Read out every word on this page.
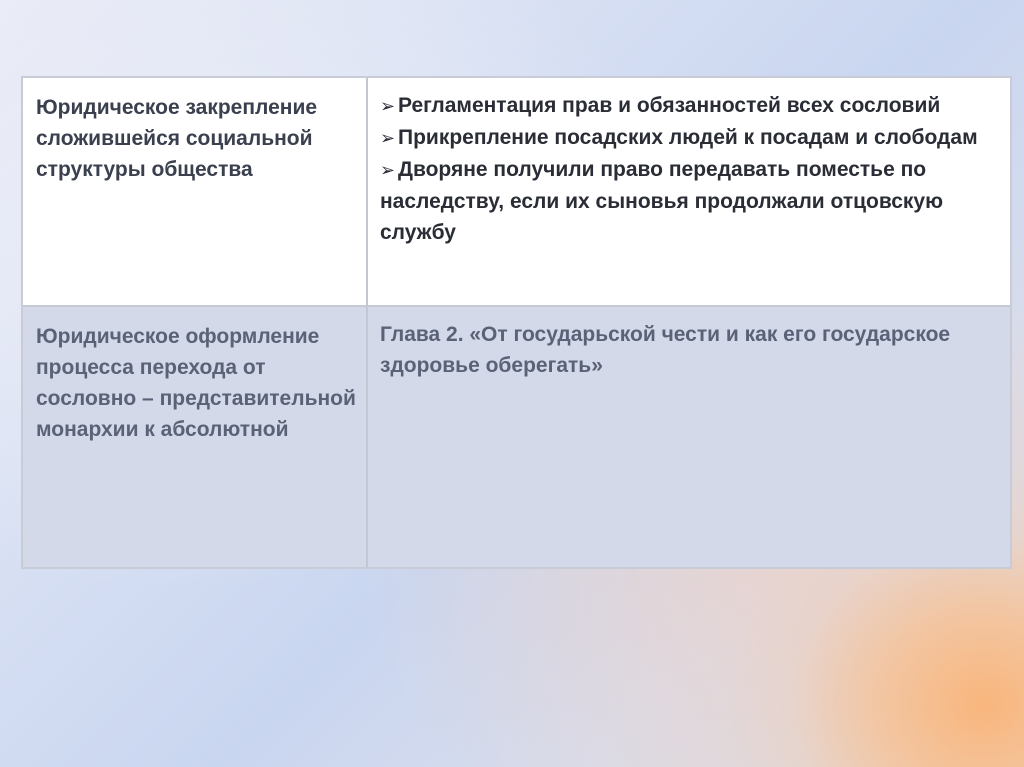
Юридическое закрепление сложившейся социальной структуры общества
➢ Регламентация прав и обязанностей всех сословий
➢ Прикрепление посадских людей к посадам и слободам
➢ Дворяне получили право передавать поместье по наследству, если их сыновья продолжали отцовскую службу
Юридическое оформление процесса перехода от сословно – представительной монархии к абсолютной
Глава 2. «От государьской чести и как его государское здоровье оберегать»
